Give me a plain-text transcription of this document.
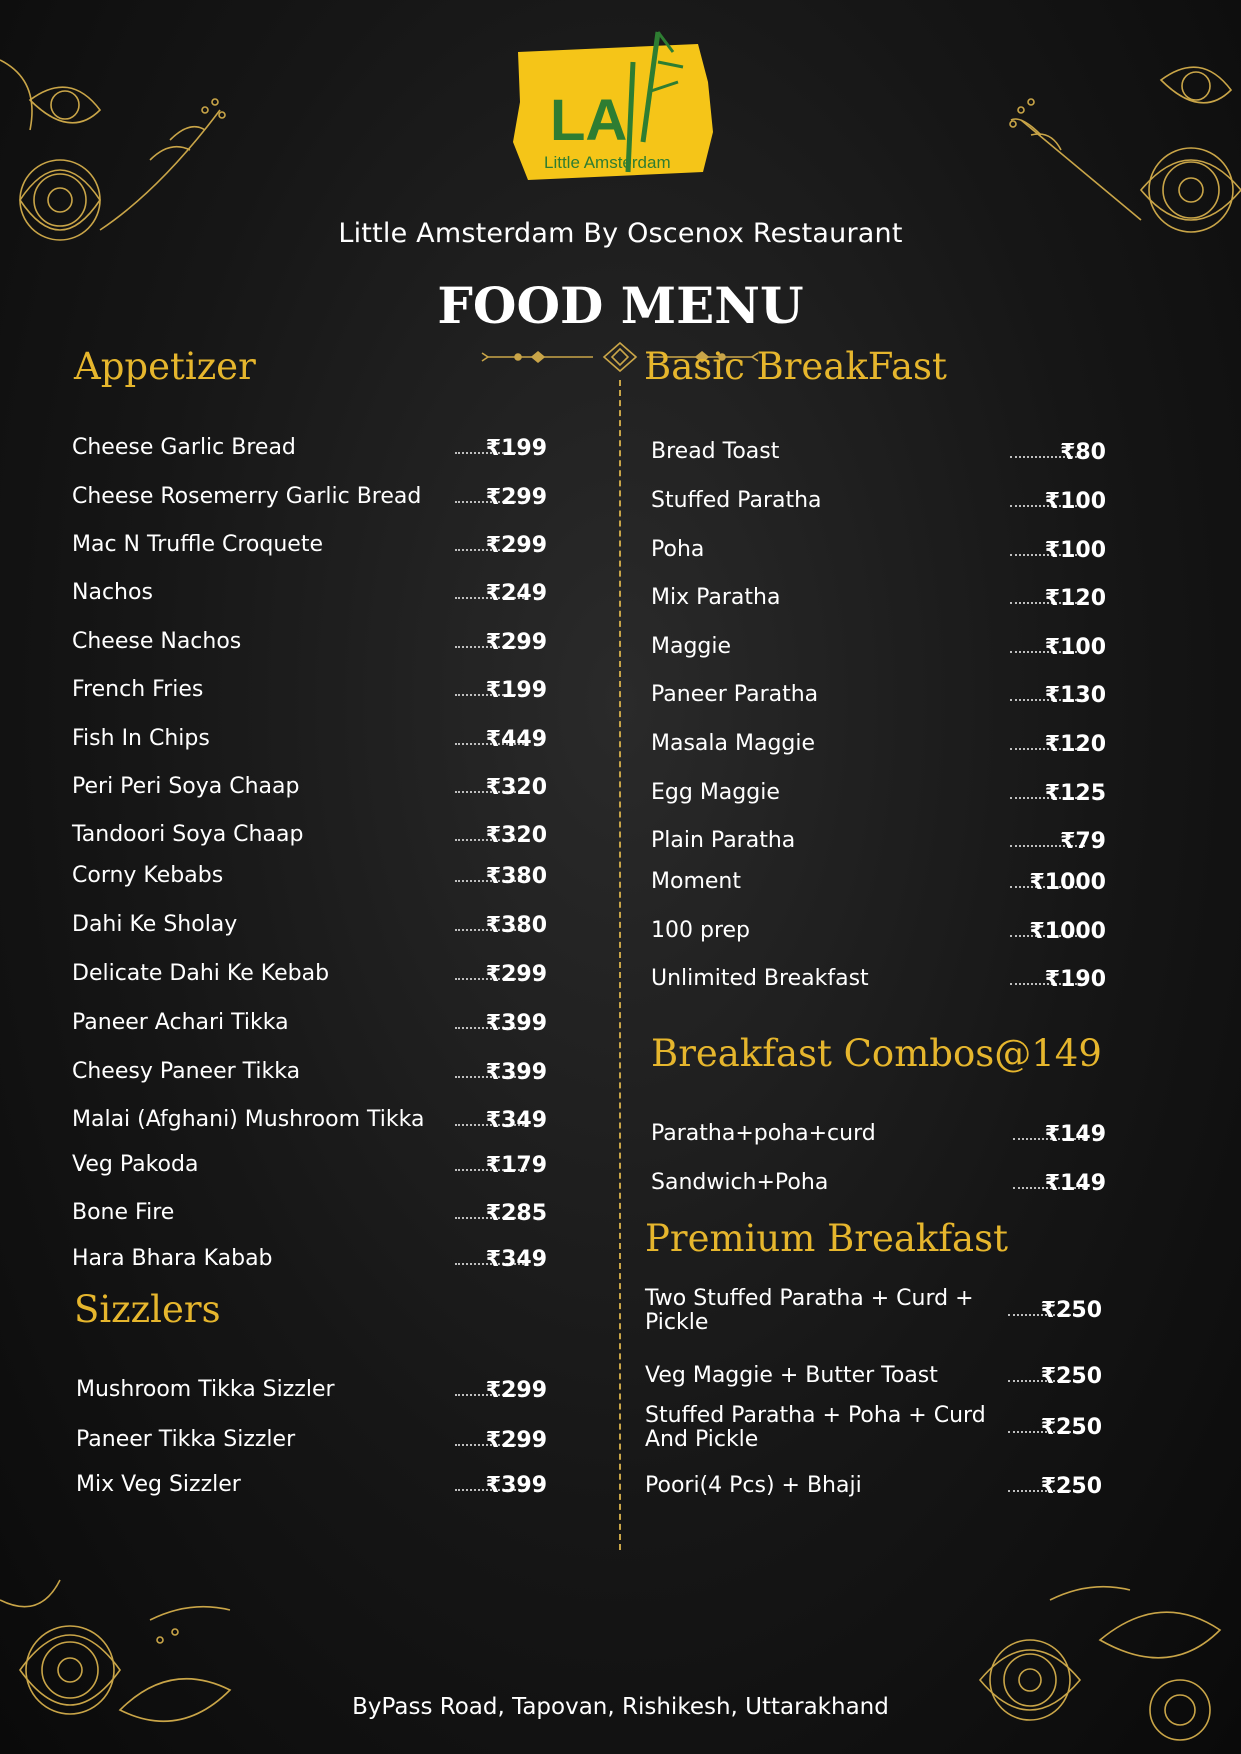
LA
Little Amsterdam
Little Amsterdam By Oscenox Restaurant
FOOD MENU
Appetizer
Cheese Garlic Bread	₹199
Cheese Rosemerry Garlic Bread	₹299
Mac N Truffle Croquete	₹299
Nachos	₹249
Cheese Nachos	₹299
French Fries	₹199
Fish In Chips	₹449
Peri Peri Soya Chaap	₹320
Tandoori Soya Chaap	₹320
Corny Kebabs	₹380
Dahi Ke Sholay	₹380
Delicate Dahi Ke Kebab	₹299
Paneer Achari Tikka	₹399
Cheesy Paneer Tikka	₹399
Malai (Afghani) Mushroom Tikka	₹349
Veg Pakoda	₹179
Bone Fire	₹285
Hara Bhara Kabab	₹349
Sizzlers
Mushroom Tikka Sizzler	₹299
Paneer Tikka Sizzler	₹299
Mix Veg Sizzler	₹399
Basic BreakFast
Bread Toast	₹80
Stuffed Paratha	₹100
Poha	₹100
Mix Paratha	₹120
Maggie	₹100
Paneer Paratha	₹130
Masala Maggie	₹120
Egg Maggie	₹125
Plain Paratha	₹79
Moment	₹1000
100 prep	₹1000
Unlimited Breakfast	₹190
Breakfast Combos@149
Paratha+poha+curd	₹149
Sandwich+Poha	₹149
Premium Breakfast
Two Stuffed Paratha + Curd + Pickle	₹250
Veg Maggie + Butter Toast	₹250
Stuffed Paratha + Poha + Curd And Pickle	₹250
Poori(4 Pcs) + Bhaji	₹250
ByPass Road, Tapovan, Rishikesh, Uttarakhand
